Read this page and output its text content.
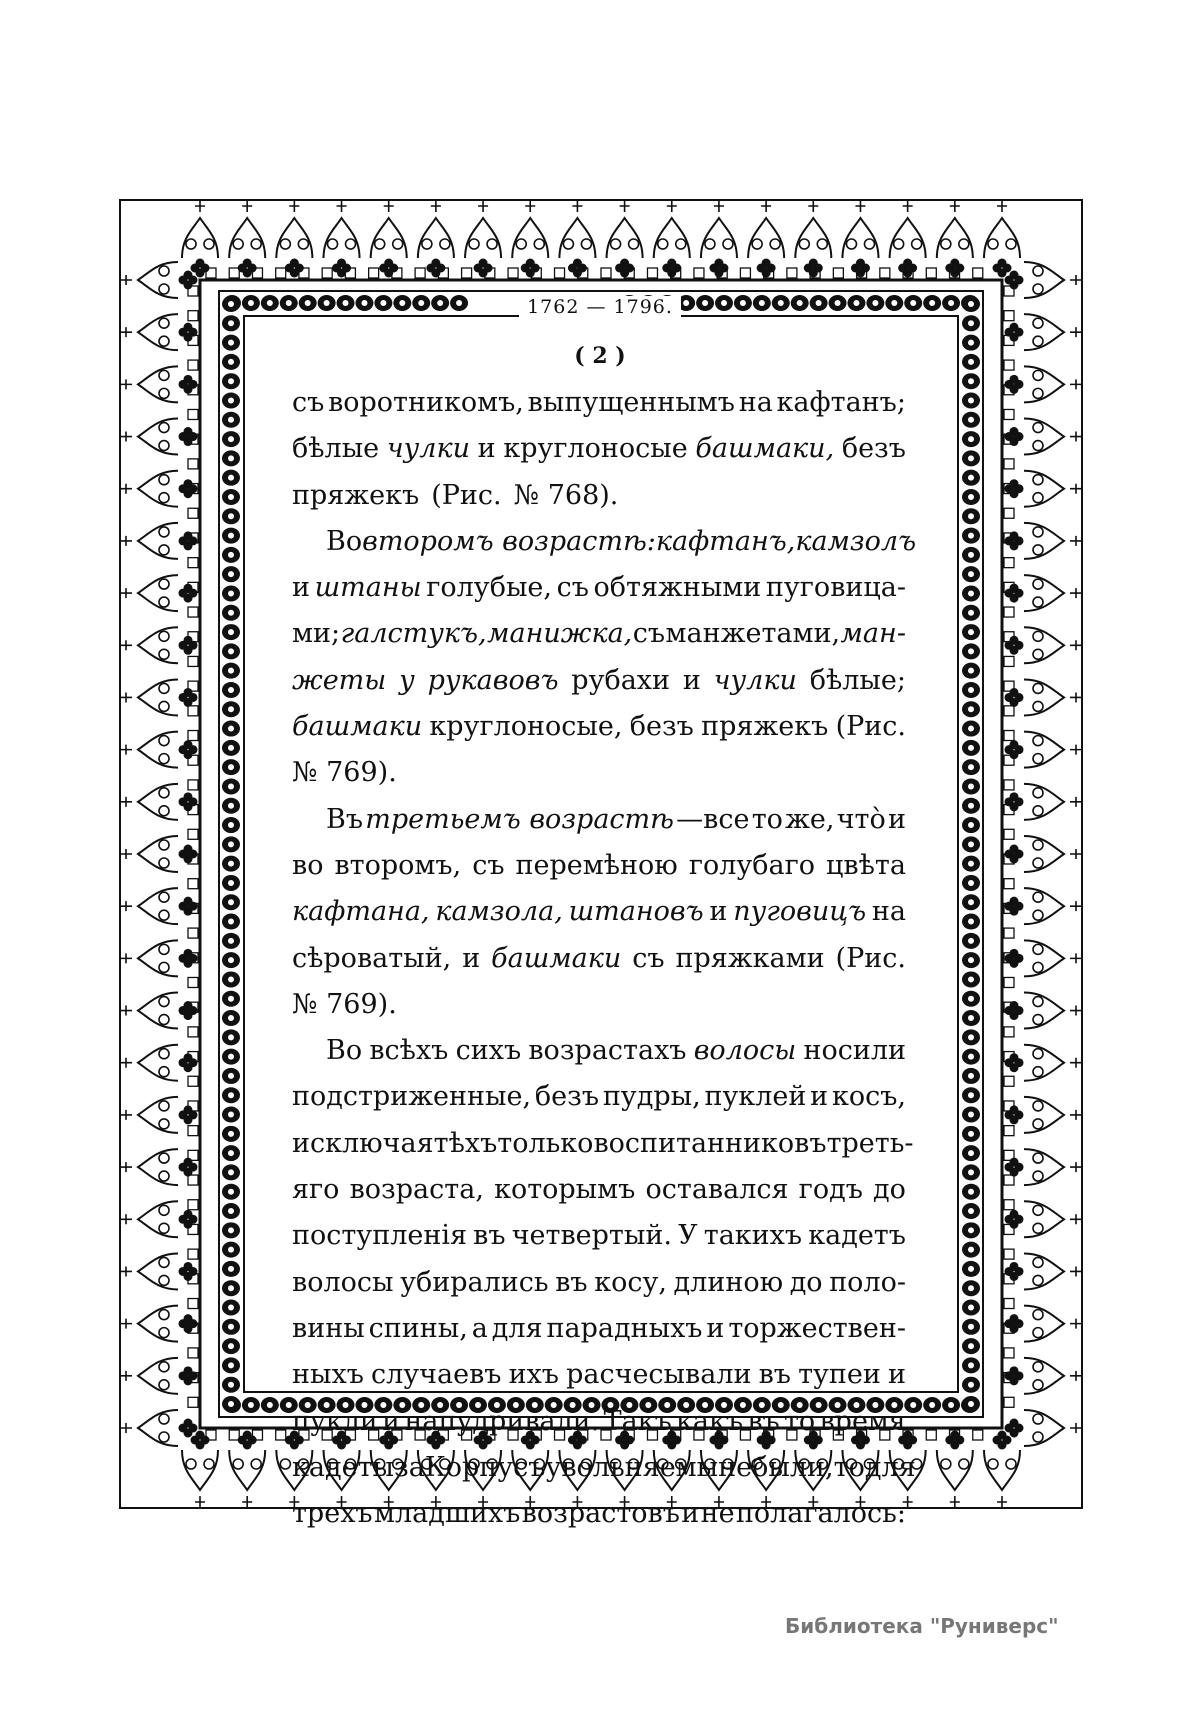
1762 — 1796.
( 2 )
съ воротникомъ, выпущеннымъ на кафтанъ;
бѣлые чулки и круглоносые башмаки, безъ
пряжекъ (Рис. № 768).
Во второмъ возрастѣ: кафтанъ, камзолъ
и штаны голубые, съ обтяжными пуговица-
ми; галстукъ, манижка, съ манжетами, ман-
жеты у рукавовъ рубахи и чулки бѣлые;
башмаки круглоносые, безъ пряжекъ (Рис.
№ 769).
Въ третьемъ возрастѣ —все то же, чтò и
во второмъ, съ перемѣною голубаго цвѣта
кафтана, камзола, штановъ и пуговицъ на
сѣроватый, и башмаки съ пряжками (Рис.
№ 769).
Во всѣхъ сихъ возрастахъ волосы носили
подстриженные, безъ пудры, пуклей и косъ,
исключая тѣхъ только воспитанниковъ треть-
яго возраста, которымъ оставался годъ до
поступленія въ четвертый. У такихъ кадетъ
волосы убирались въ косу, длиною до поло-
вины спины, а для парадныхъ и торжествен-
ныхъ случаевъ ихъ расчесывали въ тупеи и
пукли и напудривали. Такъ какъ въ то время
кадеты за Корпусъ увольняемы не были, то для
трехъ младшихъ возрастовъ и не полагалось:
Библиотека "Руниверс"
